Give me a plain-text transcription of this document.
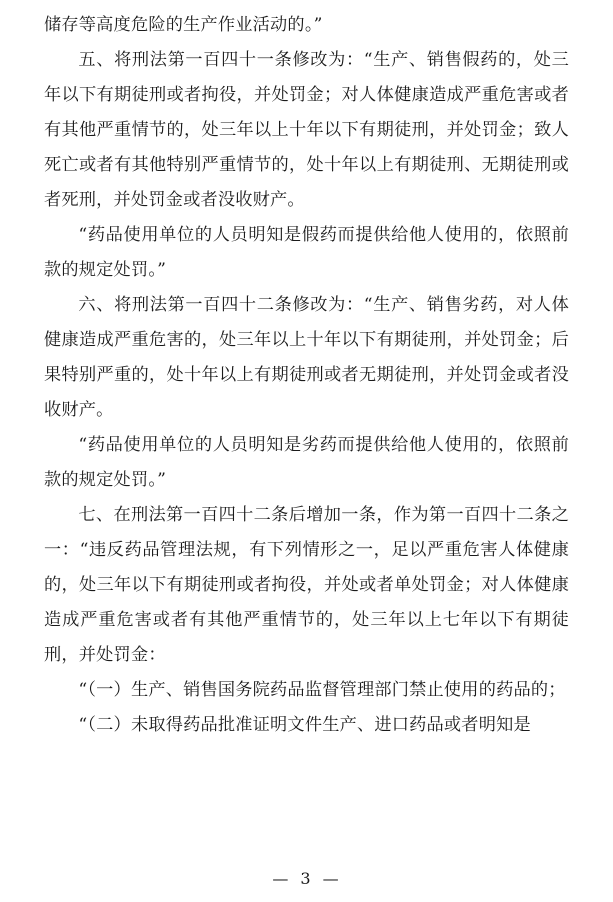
储存等高度危险的生产作业活动的。”

五、将刑法第一百四十一条修改为：“生产、销售假药的，处三年以下有期徒刑或者拘役，并处罚金；对人体健康造成严重危害或者有其他严重情节的，处三年以上十年以下有期徒刑，并处罚金；致人死亡或者有其他特别严重情节的，处十年以上有期徒刑、无期徒刑或者死刑，并处罚金或者没收财产。

“药品使用单位的人员明知是假药而提供给他人使用的，依照前款的规定处罚。”

六、将刑法第一百四十二条修改为：“生产、销售劣药，对人体健康造成严重危害的，处三年以上十年以下有期徒刑，并处罚金；后果特别严重的，处十年以上有期徒刑或者无期徒刑，并处罚金或者没收财产。

“药品使用单位的人员明知是劣药而提供给他人使用的，依照前款的规定处罚。”

七、在刑法第一百四十二条后增加一条，作为第一百四十二条之一：“违反药品管理法规，有下列情形之一，足以严重危害人体健康的，处三年以下有期徒刑或者拘役，并处或者单处罚金；对人体健康造成严重危害或者有其他严重情节的，处三年以上七年以下有期徒刑，并处罚金：

“（一）生产、销售国务院药品监督管理部门禁止使用的药品的；

“（二）未取得药品批准证明文件生产、进口药品或者明知是

— 3 —
